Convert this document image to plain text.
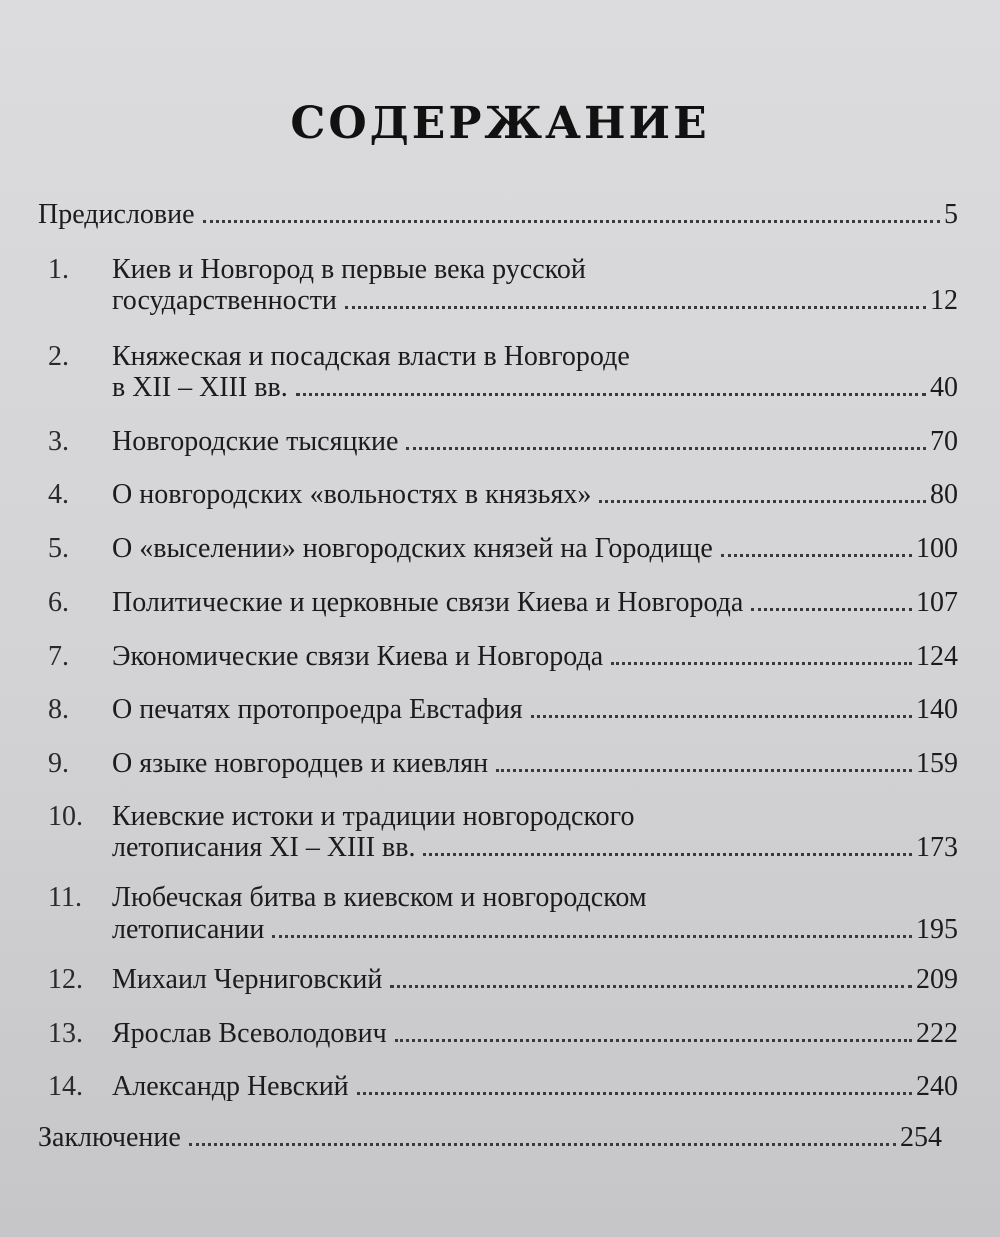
СОДЕРЖАНИЕ
Предисловие	5
1.	Киев и Новгород в первые века русской
государственности	12
2.	Княжеская и посадская власти в Новгороде
в XII – XIII вв.	40
3.	Новгородские тысяцкие	70
4.	О новгородских «вольностях в князьях»	80
5.	О «выселении» новгородских князей на Городище	100
6.	Политические и церковные связи Киева и Новгорода	107
7.	Экономические связи Киева и Новгорода	124
8.	О печатях протопроедра Евстафия	140
9.	О языке новгородцев и киевлян	159
10.	Киевские истоки и традиции новгородского
летописания XI – XIII вв.	173
11.	Любечская битва в киевском и новгородском
летописании	195
12.	Михаил Черниговский	209
13.	Ярослав Всеволодович	222
14.	Александр Невский	240
Заключение	254
